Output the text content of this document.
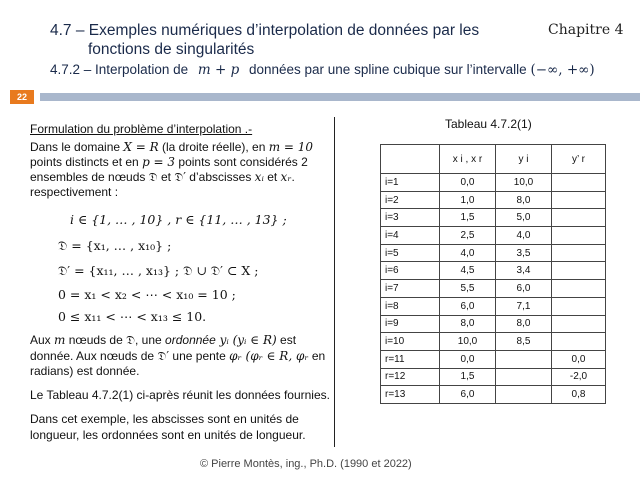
4.7 – Exemples numériques d’interpolation de données par les
fonctions de singularités
4.7.2 – Interpolation de m + p données par une spline cubique sur l’intervalle (−∞, +∞)
Chapitre 4
22
Formulation du problème d’interpolation .-
Dans le domaine X = R (la droite réelle), en m = 10
points distincts et en p = 3 points sont considérés 2
ensembles de nœuds 𝔇 et 𝔇′ d’abscisses xᵢ et xᵣ.
respectivement :
i ∈ {1, … , 10} , r ∈ {11, … , 13} ;
𝔇 = {x₁, … , x₁₀} ;
𝔇′ = {x₁₁, … , x₁₃} ; 𝔇 ∪ 𝔇′ ⊂ X ;
0 = x₁ < x₂ < ⋯ < x₁₀ = 10 ;
0 ≤ x₁₁ < ⋯ < x₁₃ ≤ 10.
Aux m nœuds de 𝔇, une ordonnée yᵢ (yᵢ ∈ R) est
donnée. Aux nœuds de 𝔇′ une pente φᵣ (φᵣ ∈ R, φᵣ en
radians) est donnée.
Le Tableau 4.7.2(1) ci-après réunit les données fournies.
Dans cet exemple, les abscisses sont en unités de
longueur, les ordonnées sont en unités de longueur.
Tableau 4.7.2(1)
	x i , x r	y i	y’ r
i=1	0,0	10,0	
i=2	1,0	8,0	
i=3	1,5	5,0	
i=4	2,5	4,0	
i=5	4,0	3,5	
i=6	4,5	3,4	
i=7	5,5	6,0	
i=8	6,0	7,1	
i=9	8,0	8,0	
i=10	10,0	8,5	
r=11	0,0		0,0
r=12	1,5		-2,0
r=13	6,0		0,8
© Pierre Montès, ing., Ph.D. (1990 et 2022)
